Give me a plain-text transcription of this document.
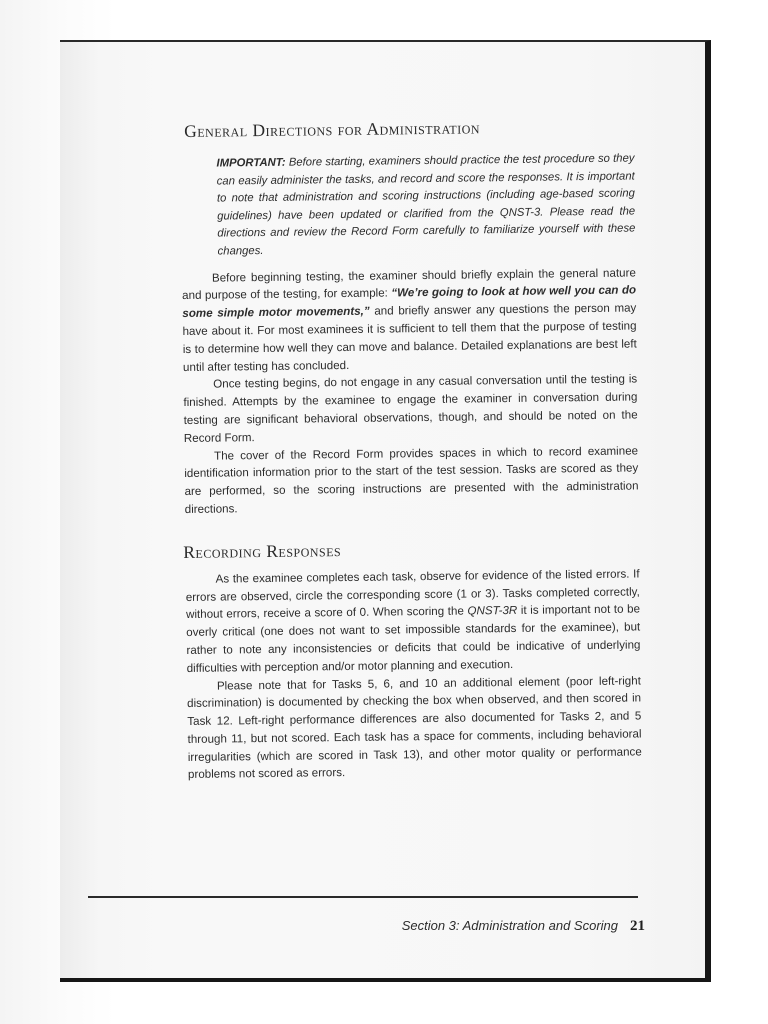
General Directions for Administration
IMPORTANT: Before starting, examiners should practice the test procedure so they can easily administer the tasks, and record and score the responses. It is important to note that administration and scoring instructions (including age-based scoring guidelines) have been updated or clarified from the QNST-3. Please read the directions and review the Record Form carefully to familiarize yourself with these changes.

Before beginning testing, the examiner should briefly explain the general nature and purpose of the testing, for example: “We’re going to look at how well you can do some simple motor movements,” and briefly answer any questions the person may have about it. For most examinees it is sufficient to tell them that the purpose of testing is to determine how well they can move and balance. Detailed explanations are best left until after testing has concluded.

Once testing begins, do not engage in any casual conversation until the testing is finished. Attempts by the examinee to engage the examiner in conversation during testing are significant behavioral observations, though, and should be noted on the Record Form.

The cover of the Record Form provides spaces in which to record examinee identification information prior to the start of the test session. Tasks are scored as they are performed, so the scoring instructions are presented with the administration directions.

Recording Responses

As the examinee completes each task, observe for evidence of the listed errors. If errors are observed, circle the corresponding score (1 or 3). Tasks completed correctly, without errors, receive a score of 0. When scoring the QNST-3R it is important not to be overly critical (one does not want to set impossible standards for the examinee), but rather to note any inconsistencies or deficits that could be indicative of underlying difficulties with perception and/or motor planning and execution.

Please note that for Tasks 5, 6, and 10 an additional element (poor left-right discrimination) is documented by checking the box when observed, and then scored in Task 12. Left-right performance differences are also documented for Tasks 2, and 5 through 11, but not scored. Each task has a space for comments, including behavioral irregularities (which are scored in Task 13), and other motor quality or performance problems not scored as errors.

Section 3: Administration and Scoring 21
